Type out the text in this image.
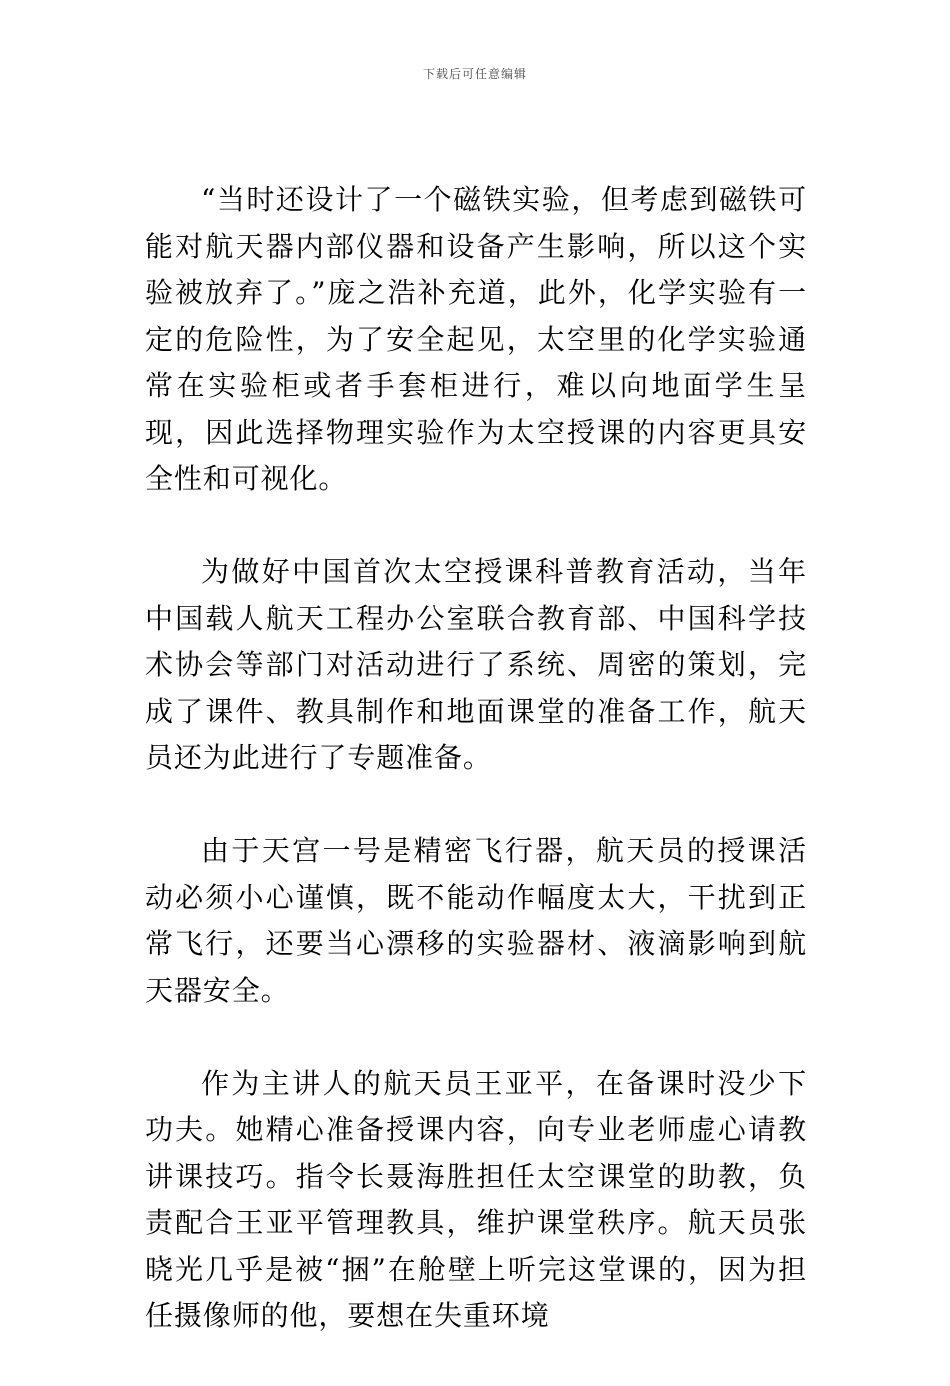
下载后可任意编辑

“当时还设计了一个磁铁实验，但考虑到磁铁可能对航天器内部仪器和设备产生影响，所以这个实验被放弃了。”庞之浩补充道，此外，化学实验有一定的危险性，为了安全起见，太空里的化学实验通常在实验柜或者手套柜进行，难以向地面学生呈现，因此选择物理实验作为太空授课的内容更具安全性和可视化。

为做好中国首次太空授课科普教育活动，当年中国载人航天工程办公室联合教育部、中国科学技术协会等部门对活动进行了系统、周密的策划，完成了课件、教具制作和地面课堂的准备工作，航天员还为此进行了专题准备。

由于天宫一号是精密飞行器，航天员的授课活动必须小心谨慎，既不能动作幅度太大，干扰到正常飞行，还要当心漂移的实验器材、液滴影响到航天器安全。

作为主讲人的航天员王亚平，在备课时没少下功夫。她精心准备授课内容，向专业老师虚心请教讲课技巧。指令长聂海胜担任太空课堂的助教，负责配合王亚平管理教具，维护课堂秩序。航天员张晓光几乎是被“捆”在舱壁上听完这堂课的，因为担任摄像师的他，要想在失重环境
